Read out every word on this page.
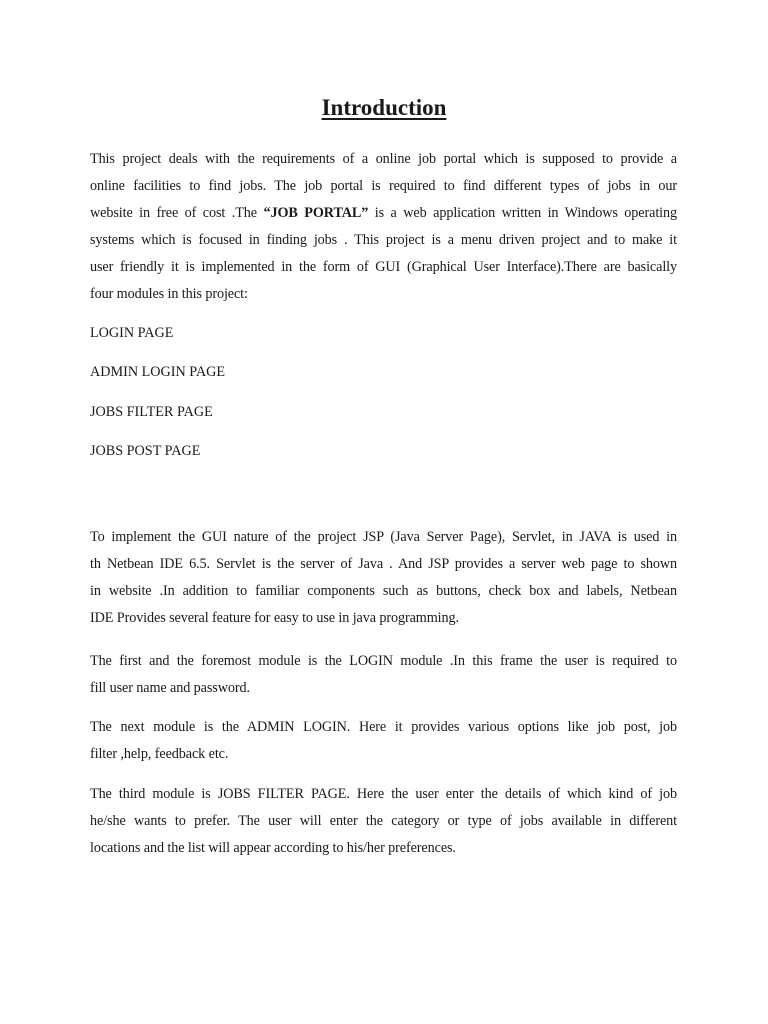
Introduction
This project deals with the requirements of a online job portal which is supposed to provide a
online facilities to find jobs. The job portal is required to find different types of jobs in our
website in free of cost .The “JOB PORTAL” is a web application written in Windows operating
systems which is focused in finding jobs . This project is a menu driven project and to make it
user friendly it is implemented in the form of GUI (Graphical User Interface).There are basically
four modules in this project:

LOGIN PAGE

ADMIN LOGIN PAGE

JOBS FILTER PAGE

JOBS POST PAGE

To implement the GUI nature of the project JSP (Java Server Page), Servlet, in JAVA is used in
th Netbean IDE 6.5. Servlet is the server of Java . And JSP provides a server web page to shown
in website .In addition to familiar components such as buttons, check box and labels, Netbean
IDE Provides several feature for easy to use in java programming.
The first and the foremost module is the LOGIN module .In this frame the user is required to
fill user name and password.
The next module is the ADMIN LOGIN. Here it provides various options like job post, job
filter ,help, feedback etc.
The third module is JOBS FILTER PAGE. Here the user enter the details of which kind of job
he/she wants to prefer. The user will enter the category or type of jobs available in different
locations and the list will appear according to his/her preferences.
